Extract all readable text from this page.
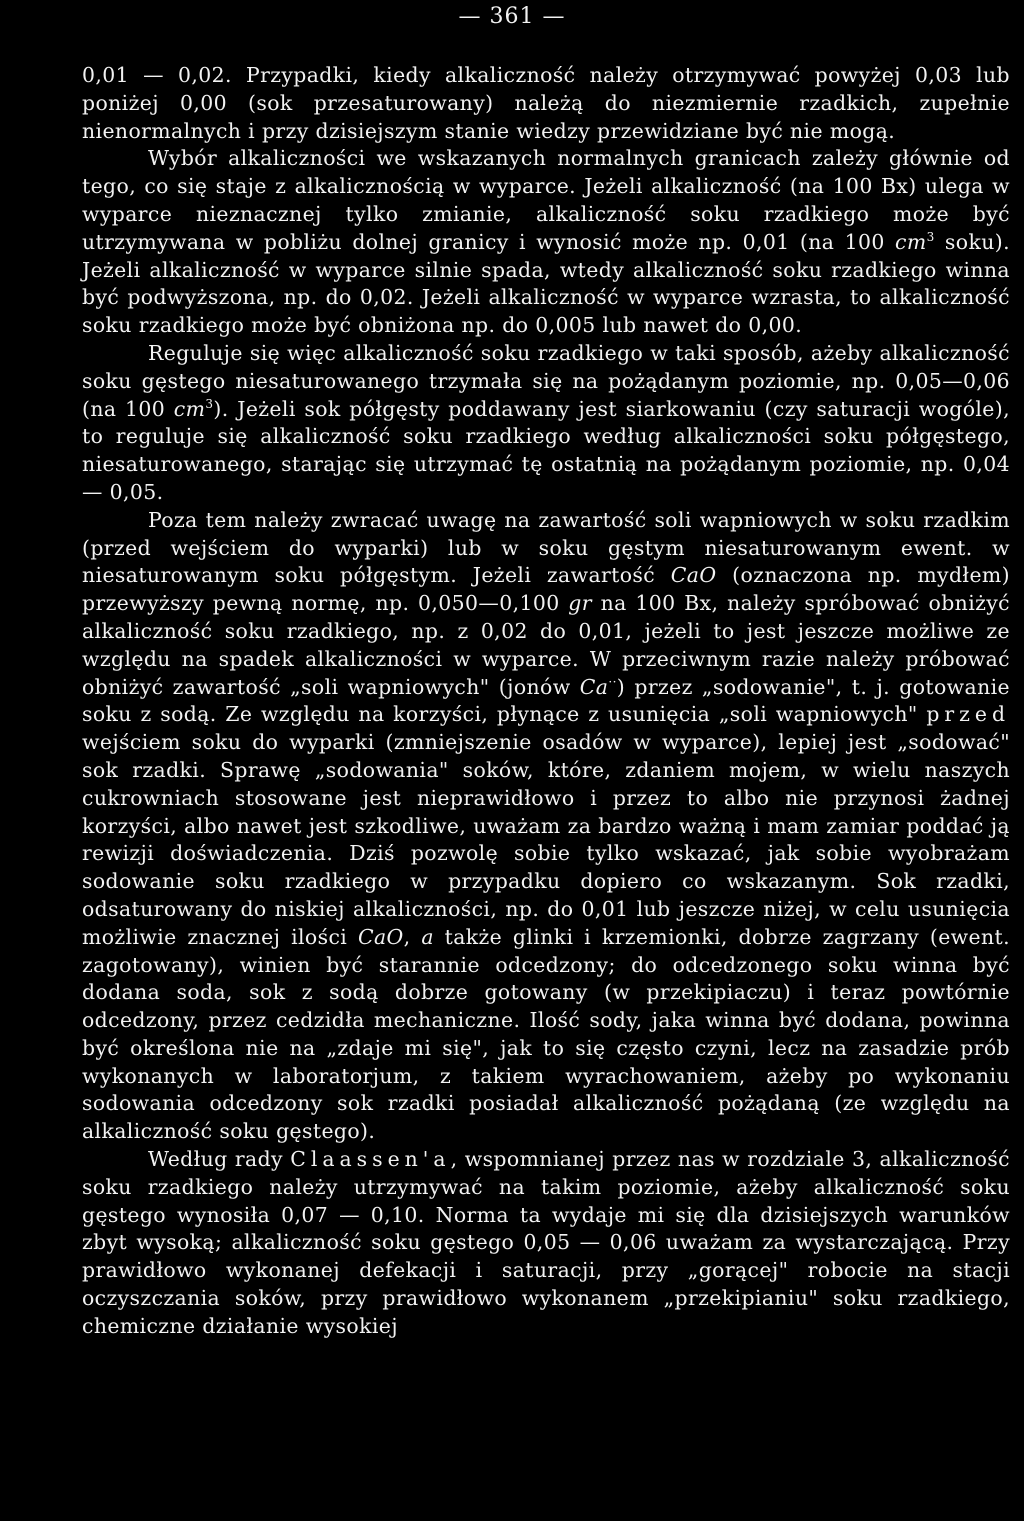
— 361 —

0,01 — 0,02. Przypadki, kiedy alkaliczność należy otrzymywać powyżej 0,03 lub poniżej 0,00 (sok przesaturowany) należą do niezmiernie rzadkich, zupełnie nienormalnych i przy dzisiejszym stanie wiedzy przewidziane być nie mogą.

Wybór alkaliczności we wskazanych normalnych granicach zależy głównie od tego, co się staje z alkalicznością w wyparce. Jeżeli alkaliczność (na 100 Bx) ulega w wyparce nieznacznej tylko zmianie, alkaliczność soku rzadkiego może być utrzymywana w pobliżu dolnej granicy i wynosić może np. 0,01 (na 100 $cm^3$ soku). Jeżeli alkaliczność w wyparce silnie spada, wtedy alkaliczność soku rzadkiego winna być podwyższona, np. do 0,02. Jeżeli alkaliczność w wyparce wzrasta, to alkaliczność soku rzadkiego może być obniżona np. do 0,005 lub nawet do 0,00.

Reguluje się więc alkaliczność soku rzadkiego w taki sposób, ażeby alkaliczność soku gęstego niesaturowanego trzymała się na pożądanym poziomie, np. 0,05—0,06 (na 100 $cm^3$). Jeżeli sok półgęsty poddawany jest siarkowaniu (czy saturacji wogóle), to reguluje się alkaliczność soku rzadkiego według alkaliczności soku półgęstego, niesaturowanego, starając się utrzymać tę ostatnią na pożądanym poziomie, np. 0,04 — 0,05.

Poza tem należy zwracać uwagę na zawartość soli wapniowych w soku rzadkim (przed wejściem do wyparki) lub w soku gęstym niesaturowanym ewent. w niesaturowanym soku półgęstym. Jeżeli zawartość CaO (oznaczona np. mydłem) przewyższy pewną normę, np. 0,050—0,100 gr na 100 Bx, należy spróbować obniżyć alkaliczność soku rzadkiego, np. z 0,02 do 0,01, jeżeli to jest jeszcze możliwe ze względu na spadek alkaliczności w wyparce. W przeciwnym razie należy próbować obniżyć zawartość „soli wapniowych" (jonów Ca··) przez „sodowanie", t. j. gotowanie soku z sodą. Ze względu na korzyści, płynące z usunięcia „soli wapniowych" przed wejściem soku do wyparki (zmniejszenie osadów w wyparce), lepiej jest „sodować" sok rzadki. Sprawę „sodowania" soków, które, zdaniem mojem, w wielu naszych cukrowniach stosowane jest nieprawidłowo i przez to albo nie przynosi żadnej korzyści, albo nawet jest szkodliwe, uważam za bardzo ważną i mam zamiar poddać ją rewizji doświadczenia. Dziś pozwolę sobie tylko wskazać, jak sobie wyobrażam sodowanie soku rzadkiego w przypadku dopiero co wskazanym. Sok rzadki, odsaturowany do niskiej alkaliczności, np. do 0,01 lub jeszcze niżej, w celu usunięcia możliwie znacznej ilości CaO, a także glinki i krzemionki, dobrze zagrzany (ewent. zagotowany), winien być starannie odcedzony; do odcedzonego soku winna być dodana soda, sok z sodą dobrze gotowany (w przekipiaczu) i teraz powtórnie odcedzony, przez cedzidła mechaniczne. Ilość sody, jaka winna być dodana, powinna być określona nie na „zdaje mi się", jak to się często czyni, lecz na zasadzie prób wykonanych w laboratorjum, z takiem wyrachowaniem, ażeby po wykonaniu sodowania odcedzony sok rzadki posiadał alkaliczność pożądaną (ze względu na alkaliczność soku gęstego).

Według rady Claassen'a, wspomnianej przez nas w rozdziale 3, alkaliczność soku rzadkiego należy utrzymywać na takim poziomie, ażeby alkaliczność soku gęstego wynosiła 0,07 — 0,10. Norma ta wydaje mi się dla dzisiejszych warunków zbyt wysoką; alkaliczność soku gęstego 0,05 — 0,06 uważam za wystarczającą. Przy prawidłowo wykonanej defekacji i saturacji, przy „gorącej" robocie na stacji oczyszczania soków, przy prawidłowo wykonanem „przekipianiu" soku rzadkiego, chemiczne działanie wysokiej
